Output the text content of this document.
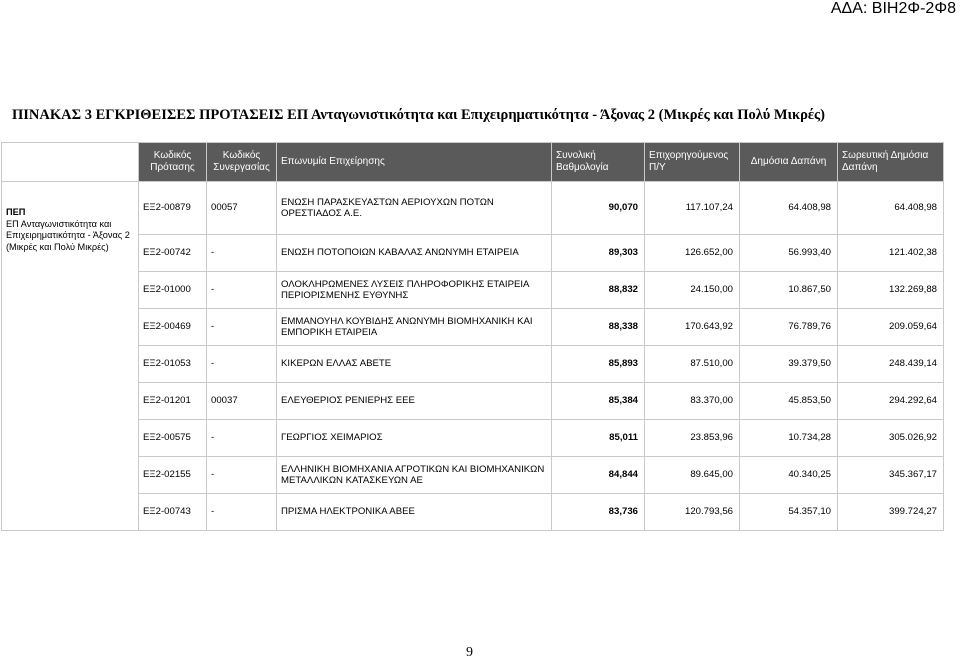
ΑΔΑ: ΒΙΗ2Φ-2Φ8
ΠΙΝΑΚΑΣ 3 ΕΓΚΡΙΘΕΙΣΕΣ ΠΡΟΤΑΣΕΙΣ ΕΠ Ανταγωνιστικότητα και Επιχειρηματικότητα - Άξονας 2 (Μικρές και Πολύ Μικρές)
	Κωδικός Πρότασης	Κωδικός Συνεργασίας	Επωνυμία Επιχείρησης	Συνολική Βαθμολογία	Επιχορηγούμενος Π/Υ	Δημόσια Δαπάνη	Σωρευτική Δημόσια Δαπάνη

ΠΕΠ
ΕΠ Ανταγωνιστικότητα και Επιχειρηματικότητα - Άξονας 2 (Μικρές και Πολύ Μικρές)	ΕΞ2-00879	00057	ΕΝΩΣΗ ΠΑΡΑΣΚΕΥΑΣΤΩΝ ΑΕΡΙΟΥΧΩΝ ΠΟΤΩΝ ΟΡΕΣΤΙΑΔΟΣ Α.Ε.	90,070	117.107,24	64.408,98	64.408,98
	ΕΞ2-00742	-	ΕΝΩΣΗ ΠΟΤΟΠΟΙΩΝ ΚΑΒΑΛΑΣ ΑΝΩΝΥΜΗ ΕΤΑΙΡΕΙΑ	89,303	126.652,00	56.993,40	121.402,38
	ΕΞ2-01000	-	ΟΛΟΚΛΗΡΩΜΕΝΕΣ ΛΥΣΕΙΣ ΠΛΗΡΟΦΟΡΙΚΗΣ ΕΤΑΙΡΕΙΑ ΠΕΡΙΟΡΙΣΜΕΝΗΣ ΕΥΘΥΝΗΣ	88,832	24.150,00	10.867,50	132.269,88
	ΕΞ2-00469	-	ΕΜΜΑΝΟΥΗΛ ΚΟΥΒΙΔΗΣ ΑΝΩΝΥΜΗ ΒΙΟΜΗΧΑΝΙΚΗ ΚΑΙ ΕΜΠΟΡΙΚΗ ΕΤΑΙΡΕΙΑ	88,338	170.643,92	76.789,76	209.059,64
	ΕΞ2-01053	-	ΚΙΚΕΡΩΝ ΕΛΛΑΣ ΑΒΕΤΕ	85,893	87.510,00	39.379,50	248.439,14
	ΕΞ2-01201	00037	ΕΛΕΥΘΕΡΙΟΣ ΡΕΝΙΕΡΗΣ ΕΕΕ	85,384	83.370,00	45.853,50	294.292,64
	ΕΞ2-00575	-	ΓΕΩΡΓΙΟΣ ΧΕΙΜΑΡΙΟΣ	85,011	23.853,96	10.734,28	305.026,92
	ΕΞ2-02155	-	ΕΛΛΗΝΙΚΗ ΒΙΟΜΗΧΑΝΙΑ ΑΓΡΟΤΙΚΩΝ ΚΑΙ ΒΙΟΜΗΧΑΝΙΚΩΝ ΜΕΤΑΛΛΙΚΩΝ ΚΑΤΑΣΚΕΥΩΝ ΑΕ	84,844	89.645,00	40.340,25	345.367,17
	ΕΞ2-00743	-	ΠΡΙΣΜΑ ΗΛΕΚΤΡΟΝΙΚΑ ΑΒΕΕ	83,736	120.793,56	54.357,10	399.724,27
9
